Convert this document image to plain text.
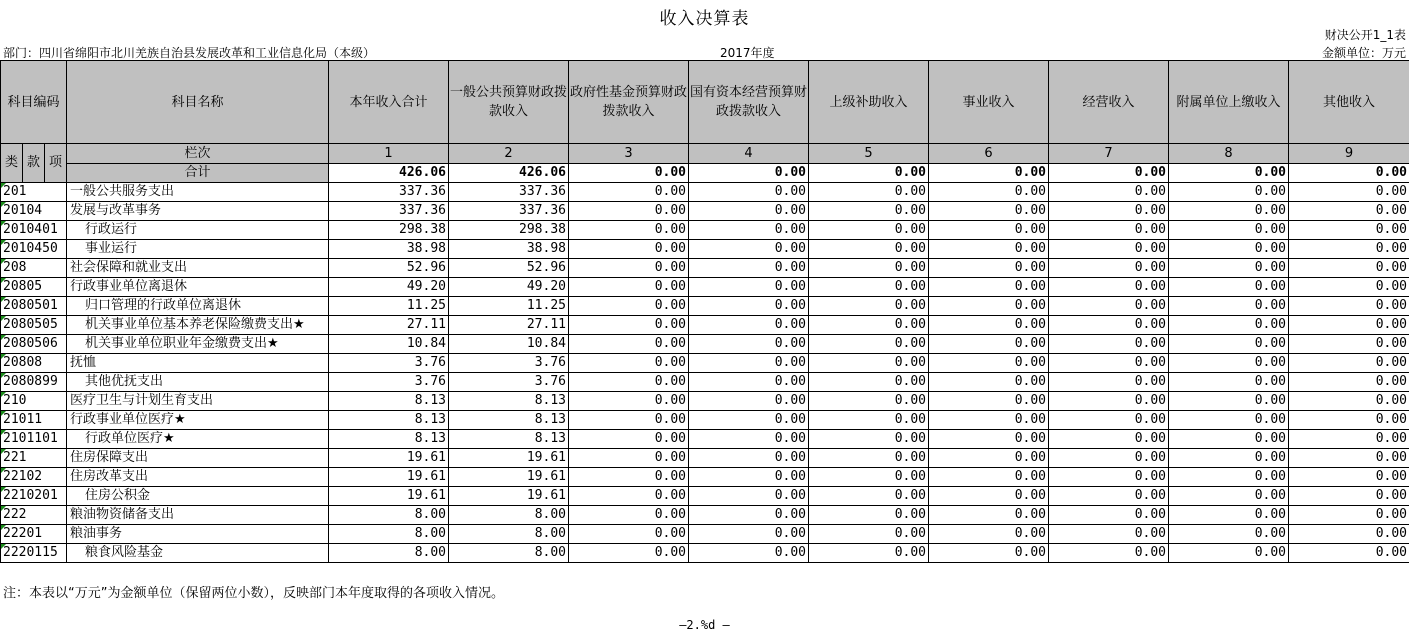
收入决算表
财决公开1_1表
部门：四川省绵阳市北川羌族自治县发展改革和工业信息化局（本级）	2017年度	金额单位：万元
科目编码			科目名称	本年收入合计	一般公共预算财政拨款收入	政府性基金预算财政拨款收入	国有资本经营预算财政拨款收入	上级补助收入	事业收入	经营收入	附属单位上缴收入	其他收入
类	款	项	栏次	1	2	3	4	5	6	7	8	9
			合计	426.06	426.06	0.00	0.00	0.00	0.00	0.00	0.00	0.00
201			一般公共服务支出	337.36	337.36	0.00	0.00	0.00	0.00	0.00	0.00	0.00
20104			发展与改革事务	337.36	337.36	0.00	0.00	0.00	0.00	0.00	0.00	0.00
2010401			行政运行	298.38	298.38	0.00	0.00	0.00	0.00	0.00	0.00	0.00
2010450			事业运行	38.98	38.98	0.00	0.00	0.00	0.00	0.00	0.00	0.00
208			社会保障和就业支出	52.96	52.96	0.00	0.00	0.00	0.00	0.00	0.00	0.00
20805			行政事业单位离退休	49.20	49.20	0.00	0.00	0.00	0.00	0.00	0.00	0.00
2080501			归口管理的行政单位离退休	11.25	11.25	0.00	0.00	0.00	0.00	0.00	0.00	0.00
2080505			机关事业单位基本养老保险缴费支出★	27.11	27.11	0.00	0.00	0.00	0.00	0.00	0.00	0.00
2080506			机关事业单位职业年金缴费支出★	10.84	10.84	0.00	0.00	0.00	0.00	0.00	0.00	0.00
20808			抚恤	3.76	3.76	0.00	0.00	0.00	0.00	0.00	0.00	0.00
2080899			其他优抚支出	3.76	3.76	0.00	0.00	0.00	0.00	0.00	0.00	0.00
210			医疗卫生与计划生育支出	8.13	8.13	0.00	0.00	0.00	0.00	0.00	0.00	0.00
21011			行政事业单位医疗★	8.13	8.13	0.00	0.00	0.00	0.00	0.00	0.00	0.00
2101101			行政单位医疗★	8.13	8.13	0.00	0.00	0.00	0.00	0.00	0.00	0.00
221			住房保障支出	19.61	19.61	0.00	0.00	0.00	0.00	0.00	0.00	0.00
22102			住房改革支出	19.61	19.61	0.00	0.00	0.00	0.00	0.00	0.00	0.00
2210201			住房公积金	19.61	19.61	0.00	0.00	0.00	0.00	0.00	0.00	0.00
222			粮油物资储备支出	8.00	8.00	0.00	0.00	0.00	0.00	0.00	0.00	0.00
22201			粮油事务	8.00	8.00	0.00	0.00	0.00	0.00	0.00	0.00	0.00
2220115			粮食风险基金	8.00	8.00	0.00	0.00	0.00	0.00	0.00	0.00	0.00
注：本表以“万元”为金额单位（保留两位小数），反映部门本年度取得的各项收入情况。
—2.%d —
